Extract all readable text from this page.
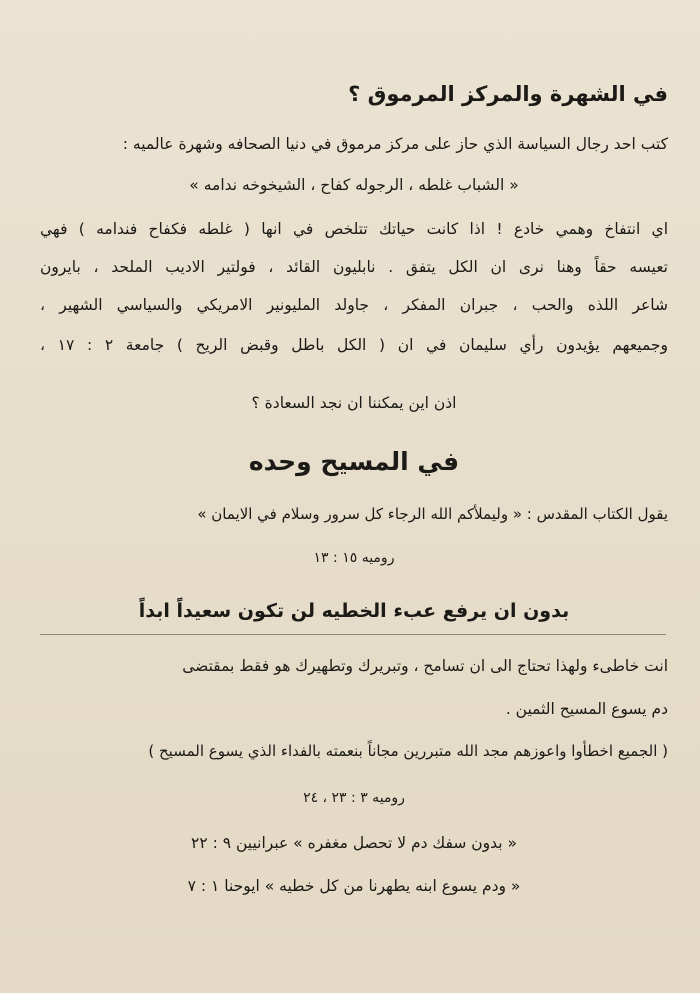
في الشهرة والمركز المرموق ؟
كتب احد رجال السياسة الذي حاز على مركز مرموق في دنيا الصحافه وشهرة عالميه :
« الشباب غلطه ، الرجوله كفاح ، الشيخوخه ندامه »
اي انتفاخ وهمي خادع ! اذا كانت حياتك تتلخص في انها ( غلطه فكفاح فندامه ) فهي
تعيسه حقاً وهنا نرى ان الكل يتفق . نابليون القائد ، فولتير الاديب الملحد ، بايرون
شاعر اللذه والحب ، جبران المفكر ، جاولد المليونير الامريكي والسياسي الشهير ،
وجميعهم يؤيدون رأي سليمان في ان ( الكل باطل وقبض الريح ) جامعة ٢ : ١٧ ،
اذن اين يمكننا ان نجد السعادة ؟
في المسيح وحده
يقول الكتاب المقدس : « وليملأكم الله الرجاء كل سرور وسلام في الايمان »
روميه ١٥ : ١٣
بدون ان يرفع عبء الخطيه لن تكون سعيداً ابداً
انت خاطىء ولهذا تحتاج الى ان تسامح ، وتبريرك وتطهيرك هو فقط بمقتضى
دم يسوع المسيح الثمين .
( الجميع اخطأوا واعوزهم مجد الله متبررين مجاناً بنعمته بالفداء الذي يسوع المسيح )
روميه ٣ : ٢٣ ، ٢٤
« بدون سفك دم لا تحصل مغفره » عبرانيين ٩ : ٢٢
« ودم يسوع ابنه يطهرنا من كل خطيه » ايوحنا ١ : ٧
